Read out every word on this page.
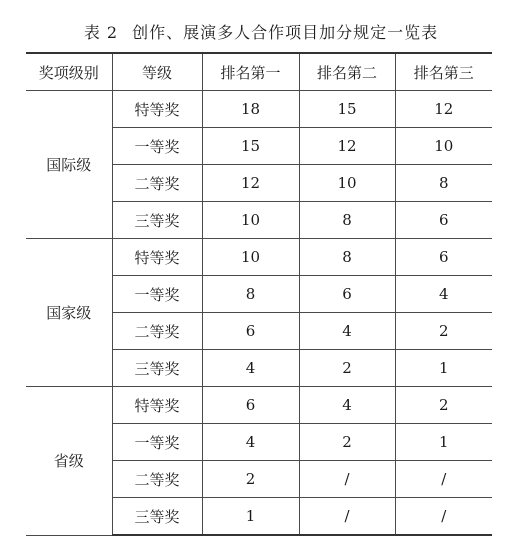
表 2 创作、展演多人合作项目加分规定一览表
奖项级别	等级	排名第一	排名第二	排名第三
国际级	特等奖	18	15	12
	一等奖	15	12	10
	二等奖	12	10	8
	三等奖	10	8	6
国家级	特等奖	10	8	6
	一等奖	8	6	4
	二等奖	6	4	2
	三等奖	4	2	1
省级	特等奖	6	4	2
	一等奖	4	2	1
	二等奖	2	/	/
	三等奖	1	/	/
